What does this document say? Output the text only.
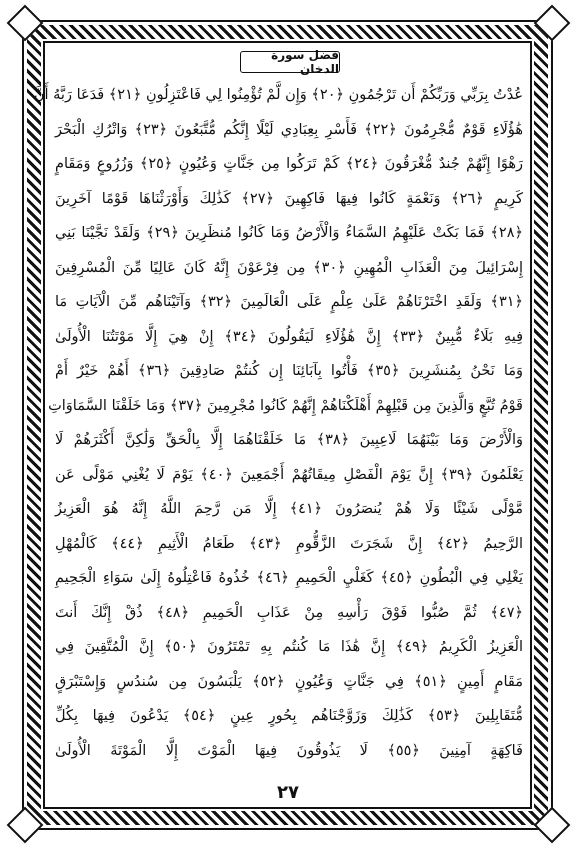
فضل سورة الدخان
عُدْتُ بِرَبِّي وَرَبِّكُمْ أَن تَرْجُمُونِ ﴿٢٠﴾ وَإِن لَّمْ تُؤْمِنُوا لِي فَاعْتَزِلُونِ ﴿٢١﴾ فَدَعَا رَبَّهُ أَنَّ
هَٰؤُلَاءِ قَوْمٌ مُّجْرِمُونَ ﴿٢٢﴾ فَأَسْرِ بِعِبَادِي لَيْلًا إِنَّكُم مُّتَّبَعُونَ ﴿٢٣﴾ وَاتْرُكِ الْبَحْرَ
رَهْوًا إِنَّهُمْ جُندٌ مُّغْرَقُونَ ﴿٢٤﴾ كَمْ تَرَكُوا مِن جَنَّاتٍ وَعُيُونٍ ﴿٢٥﴾ وَزُرُوعٍ وَمَقَامٍ
كَرِيمٍ ﴿٢٦﴾ وَنَعْمَةٍ كَانُوا فِيهَا فَاكِهِينَ ﴿٢٧﴾ كَذَٰلِكَ وَأَوْرَثْنَاهَا قَوْمًا آخَرِينَ
﴿٢٨﴾ فَمَا بَكَتْ عَلَيْهِمُ السَّمَاءُ وَالْأَرْضُ وَمَا كَانُوا مُنظَرِينَ ﴿٢٩﴾ وَلَقَدْ نَجَّيْنَا بَنِي
إِسْرَائِيلَ مِنَ الْعَذَابِ الْمُهِينِ ﴿٣٠﴾ مِن فِرْعَوْنَ إِنَّهُ كَانَ عَالِيًا مِّنَ الْمُسْرِفِينَ
﴿٣١﴾ وَلَقَدِ اخْتَرْنَاهُمْ عَلَىٰ عِلْمٍ عَلَى الْعَالَمِينَ ﴿٣٢﴾ وَآتَيْنَاهُم مِّنَ الْآيَاتِ مَا
فِيهِ بَلَاءٌ مُّبِينٌ ﴿٣٣﴾ إِنَّ هَٰؤُلَاءِ لَيَقُولُونَ ﴿٣٤﴾ إِنْ هِيَ إِلَّا مَوْتَتُنَا الْأُولَىٰ
وَمَا نَحْنُ بِمُنشَرِينَ ﴿٣٥﴾ فَأْتُوا بِآبَائِنَا إِن كُنتُمْ صَادِقِينَ ﴿٣٦﴾ أَهُمْ خَيْرٌ أَمْ
قَوْمُ تُبَّعٍ وَالَّذِينَ مِن قَبْلِهِمْ أَهْلَكْنَاهُمْ إِنَّهُمْ كَانُوا مُجْرِمِينَ ﴿٣٧﴾ وَمَا خَلَقْنَا السَّمَاوَاتِ
وَالْأَرْضَ وَمَا بَيْنَهُمَا لَاعِبِينَ ﴿٣٨﴾ مَا خَلَقْنَاهُمَا إِلَّا بِالْحَقِّ وَلَٰكِنَّ أَكْثَرَهُمْ لَا
يَعْلَمُونَ ﴿٣٩﴾ إِنَّ يَوْمَ الْفَصْلِ مِيقَاتُهُمْ أَجْمَعِينَ ﴿٤٠﴾ يَوْمَ لَا يُغْنِي مَوْلًى عَن
مَّوْلًى شَيْئًا وَلَا هُمْ يُنصَرُونَ ﴿٤١﴾ إِلَّا مَن رَّحِمَ اللَّهُ إِنَّهُ هُوَ الْعَزِيزُ
الرَّحِيمُ ﴿٤٢﴾ إِنَّ شَجَرَتَ الزَّقُّومِ ﴿٤٣﴾ طَعَامُ الْأَثِيمِ ﴿٤٤﴾ كَالْمُهْلِ
يَغْلِي فِي الْبُطُونِ ﴿٤٥﴾ كَغَلْيِ الْحَمِيمِ ﴿٤٦﴾ خُذُوهُ فَاعْتِلُوهُ إِلَىٰ سَوَاءِ الْجَحِيمِ
﴿٤٧﴾ ثُمَّ صُبُّوا فَوْقَ رَأْسِهِ مِنْ عَذَابِ الْحَمِيمِ ﴿٤٨﴾ ذُقْ إِنَّكَ أَنتَ
الْعَزِيزُ الْكَرِيمُ ﴿٤٩﴾ إِنَّ هَٰذَا مَا كُنتُم بِهِ تَمْتَرُونَ ﴿٥٠﴾ إِنَّ الْمُتَّقِينَ فِي
مَقَامٍ أَمِينٍ ﴿٥١﴾ فِي جَنَّاتٍ وَعُيُونٍ ﴿٥٢﴾ يَلْبَسُونَ مِن سُندُسٍ وَإِسْتَبْرَقٍ
مُّتَقَابِلِينَ ﴿٥٣﴾ كَذَٰلِكَ وَزَوَّجْنَاهُم بِحُورٍ عِينٍ ﴿٥٤﴾ يَدْعُونَ فِيهَا بِكُلِّ
فَاكِهَةٍ آمِنِينَ ﴿٥٥﴾ لَا يَذُوقُونَ فِيهَا الْمَوْتَ إِلَّا الْمَوْتَةَ الْأُولَىٰ
٢٧
